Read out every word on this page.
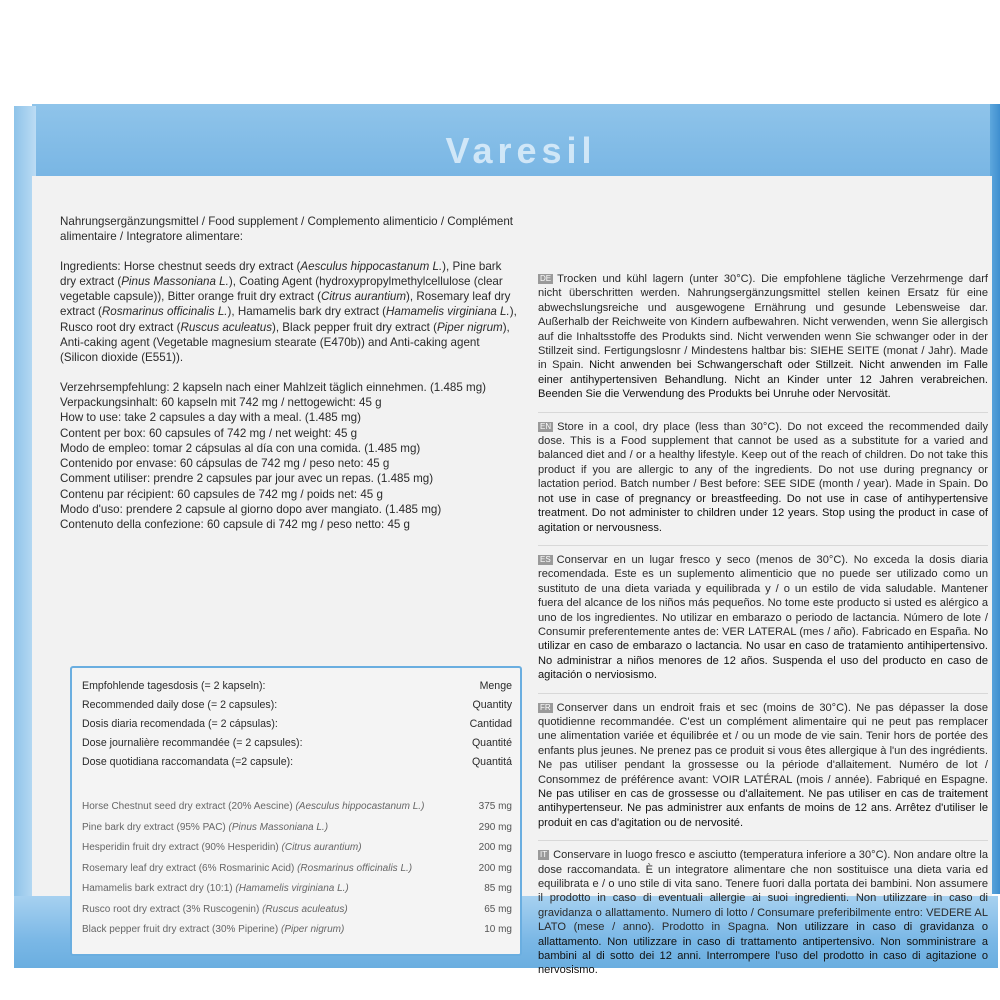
Varesil

Nahrungsergänzungsmittel / Food supplement / Complemento alimenticio / Complément alimentaire / Integratore alimentare:

Ingredients: Horse chestnut seeds dry extract (Aesculus hippocastanum L.), Pine bark dry extract (Pinus Massoniana L.), Coating Agent (hydroxypropylmethylcellulose (clear vegetable capsule)), Bitter orange fruit dry extract (Citrus aurantium), Rosemary leaf dry extract (Rosmarinus officinalis L.), Hamamelis bark dry extract (Hamamelis virginiana L.), Rusco root dry extract (Ruscus aculeatus), Black pepper fruit dry extract (Piper nigrum), Anti-caking agent (Vegetable magnesium stearate (E470b)) and Anti-caking agent (Silicon dioxide (E551)).

Verzehrsempfehlung: 2 kapseln nach einer Mahlzeit täglich einnehmen. (1.485 mg)

Verpackungsinhalt: 60 kapseln mit 742 mg / nettogewicht: 45 g

How to use: take 2 capsules a day with a meal. (1.485 mg)

Content per box: 60 capsules of 742 mg / net weight: 45 g

Modo de empleo: tomar 2 cápsulas al día con una comida. (1.485 mg)

Contenido por envase: 60 cápsulas de 742 mg / peso neto: 45 g

Comment utiliser: prendre 2 capsules par jour avec un repas. (1.485 mg)

Contenu par récipient: 60 capsules de 742 mg / poids net: 45 g

Modo d'uso: prendere 2 capsule al giorno dopo aver mangiato. (1.485 mg)

Contenuto della confezione: 60 capsule di 742 mg / peso netto: 45 g

Empfohlende tagesdosis (= 2 kapseln):	Menge
Recommended daily dose (= 2 capsules):	Quantity
Dosis diaria recomendada (= 2 cápsulas):	Cantidad
Dose journalière recommandée (= 2 capsules):	Quantité
Dose quotidiana raccomandata (=2 capsule):	Quantitá
Horse Chestnut seed dry extract (20% Aescine) (Aesculus hippocastanum L.)	375 mg
Pine bark dry extract (95% PAC) (Pinus Massoniana L.)	290 mg
Hesperidin fruit dry extract (90% Hesperidin) (Citrus aurantium)	200 mg
Rosemary leaf dry extract (6% Rosmarinic Acid) (Rosmarinus officinalis L.)	200 mg
Hamamelis bark extract dry (10:1) (Hamamelis virginiana L.)	85 mg
Rusco root dry extract (3% Ruscogenin) (Ruscus aculeatus)	65 mg
Black pepper fruit dry extract (30% Piperine) (Piper nigrum)	10 mg

DE Trocken und kühl lagern (unter 30°C). Die empfohlene tägliche Verzehrmenge darf nicht überschritten werden. Nahrungsergänzungsmittel stellen keinen Ersatz für eine abwechslungsreiche und ausgewogene Ernährung und gesunde Lebensweise dar. Außerhalb der Reichweite von Kindern aufbewahren. Nicht verwenden, wenn Sie allergisch auf die Inhaltsstoffe des Produkts sind. Nicht verwenden wenn Sie schwanger oder in der Stillzeit sind. Fertigungslosnr / Mindestens haltbar bis: SIEHE SEITE (monat / Jahr). Made in Spain. Nicht anwenden bei Schwangerschaft oder Stillzeit. Nicht anwenden im Falle einer antihypertensiven Behandlung. Nicht an Kinder unter 12 Jahren verabreichen. Beenden Sie die Verwendung des Produkts bei Unruhe oder Nervosität.

EN Store in a cool, dry place (less than 30°C). Do not exceed the recommended daily dose. This is a Food supplement that cannot be used as a substitute for a varied and balanced diet and / or a healthy lifestyle. Keep out of the reach of children. Do not take this product if you are allergic to any of the ingredients. Do not use during pregnancy or lactation period. Batch number / Best before: SEE SIDE (month / year). Made in Spain. Do not use in case of pregnancy or breastfeeding. Do not use in case of antihypertensive treatment. Do not administer to children under 12 years. Stop using the product in case of agitation or nervousness.

ES Conservar en un lugar fresco y seco (menos de 30°C). No exceda la dosis diaria recomendada. Este es un suplemento alimenticio que no puede ser utilizado como un sustituto de una dieta variada y equilibrada y / o un estilo de vida saludable. Mantener fuera del alcance de los niños más pequeños. No tome este producto si usted es alérgico a uno de los ingredientes. No utilizar en embarazo o periodo de lactancia. Número de lote / Consumir preferentemente antes de: VER LATERAL (mes / año). Fabricado en España. No utilizar en caso de embarazo o lactancia. No usar en caso de tratamiento antihipertensivo. No administrar a niños menores de 12 años. Suspenda el uso del producto en caso de agitación o nerviosismo.

FR Conserver dans un endroit frais et sec (moins de 30°C). Ne pas dépasser la dose quotidienne recommandée. C'est un complément alimentaire qui ne peut pas remplacer une alimentation variée et équilibrée et / ou un mode de vie sain. Tenir hors de portée des enfants plus jeunes. Ne prenez pas ce produit si vous êtes allergique à l'un des ingrédients. Ne pas utiliser pendant la grossesse ou la période d'allaitement. Numéro de lot / Consommez de préférence avant: VOIR LATÉRAL (mois / année). Fabriqué en Espagne. Ne pas utiliser en cas de grossesse ou d'allaitement. Ne pas utiliser en cas de traitement antihypertenseur. Ne pas administrer aux enfants de moins de 12 ans. Arrêtez d'utiliser le produit en cas d'agitation ou de nervosité.

IT Conservare in luogo fresco e asciutto (temperatura inferiore a 30°C). Non andare oltre la dose raccomandata. È un integratore alimentare che non sostituisce una dieta varia ed equilibrata e / o uno stile di vita sano. Tenere fuori dalla portata dei bambini. Non assumere il prodotto in caso di eventuali allergie ai suoi ingredienti. Non utilizzare in caso di gravidanza o allattamento. Numero di lotto / Consumare preferibilmente entro: VEDERE AL LATO (mese / anno). Prodotto in Spagna. Non utilizzare in caso di gravidanza o allattamento. Non utilizzare in caso di trattamento antipertensivo. Non somministrare a bambini al di sotto dei 12 anni. Interrompere l'uso del prodotto in caso di agitazione o nervosismo.
